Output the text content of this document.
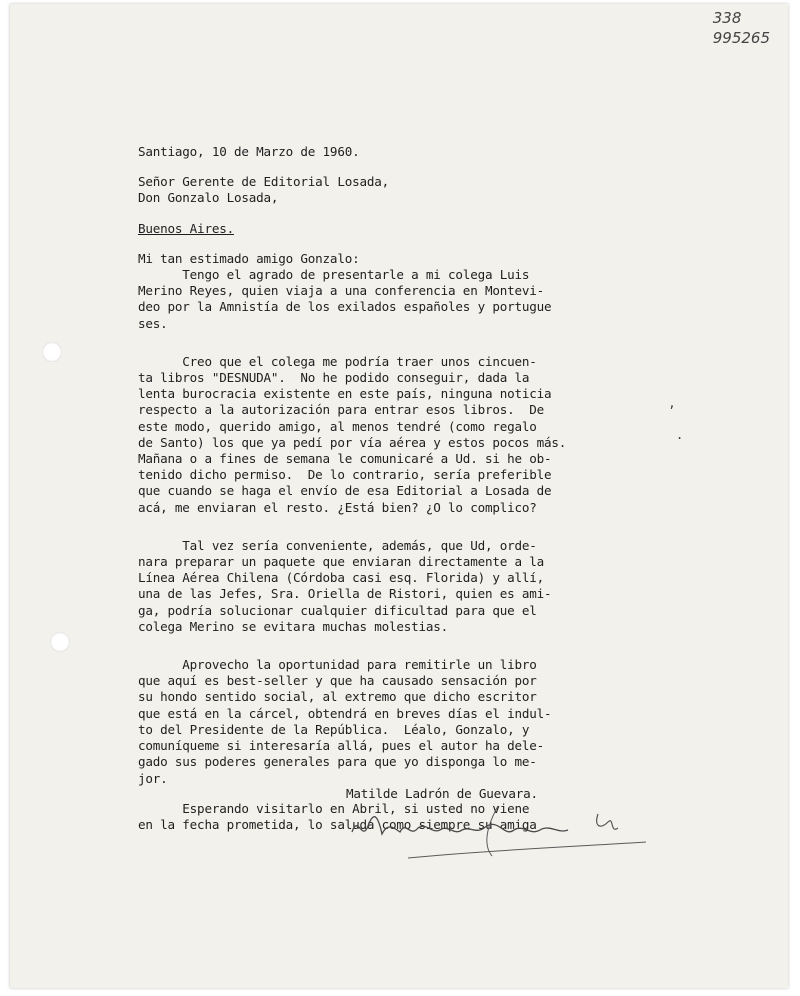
338
995265
Santiago, 10 de Marzo de 1960.
Señor Gerente de Editorial Losada,
Don Gonzalo Losada,
Buenos Aires.
Mi tan estimado amigo Gonzalo:
Tengo el agrado de presentarle a mi colega Luis
Merino Reyes, quien viaja a una conferencia en Montevi-
deo por la Amnistía de los exilados españoles y portugue
ses.
Creo que el colega me podría traer unos cincuen-
ta libros "DESNUDA".  No he podido conseguir, dada la
lenta burocracia existente en este país, ninguna noticia
respecto a la autorización para entrar esos libros.  De
este modo, querido amigo, al menos tendré (como regalo
de Santo) los que ya pedí por vía aérea y estos pocos más.
Mañana o a fines de semana le comunicaré a Ud. si he ob-
tenido dicho permiso.  De lo contrario, sería preferible
que cuando se haga el envío de esa Editorial a Losada de
acá, me enviaran el resto. ¿Está bien? ¿O lo complico?
Tal vez sería conveniente, además, que Ud, orde-
nara preparar un paquete que enviaran directamente a la
Línea Aérea Chilena (Córdoba casi esq. Florida) y allí,
una de las Jefes, Sra. Oriella de Ristori, quien es ami-
ga, podría solucionar cualquier dificultad para que el
colega Merino se evitara muchas molestias.
Aprovecho la oportunidad para remitirle un libro
que aquí es best-seller y que ha causado sensación por
su hondo sentido social, al extremo que dicho escritor
que está en la cárcel, obtendrá en breves días el indul-
to del Presidente de la República.  Léalo, Gonzalo, y
comuníqueme si interesaría allá, pues el autor ha dele-
gado sus poderes generales para que yo disponga lo me-
jor.
Esperando visitarlo en Abril, si usted no viene
en la fecha prometida, lo saluda como siempre su amiga
Matilde Ladrón de Guevara.
ʼ
.
